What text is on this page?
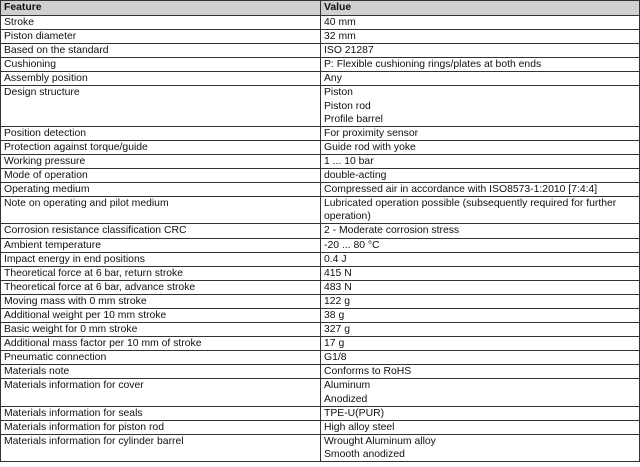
Feature	Value
Stroke	40 mm

Piston diameter	32 mm

Based on the standard	ISO 21287

Cushioning	P: Flexible cushioning rings/plates at both ends

Assembly position	Any

Design structure	Piston
Piston rod
Profile barrel

Position detection	For proximity sensor

Protection against torque/guide	Guide rod with yoke

Working pressure	1 ... 10 bar

Mode of operation	double-acting

Operating medium	Compressed air in accordance with ISO8573-1:2010 [7:4:4]

Note on operating and pilot medium	Lubricated operation possible (subsequently required for further operation)

Corrosion resistance classification CRC	2 - Moderate corrosion stress

Ambient temperature	-20 ... 80 °C

Impact energy in end positions	0.4 J

Theoretical force at 6 bar, return stroke	415 N

Theoretical force at 6 bar, advance stroke	483 N

Moving mass with 0 mm stroke	122 g

Additional weight per 10 mm stroke	38 g

Basic weight for 0 mm stroke	327 g

Additional mass factor per 10 mm of stroke	17 g

Pneumatic connection	G1/8

Materials note	Conforms to RoHS

Materials information for cover	Aluminum
Anodized

Materials information for seals	TPE-U(PUR)

Materials information for piston rod	High alloy steel

Materials information for cylinder barrel	Wrought Aluminum alloy
Smooth anodized
